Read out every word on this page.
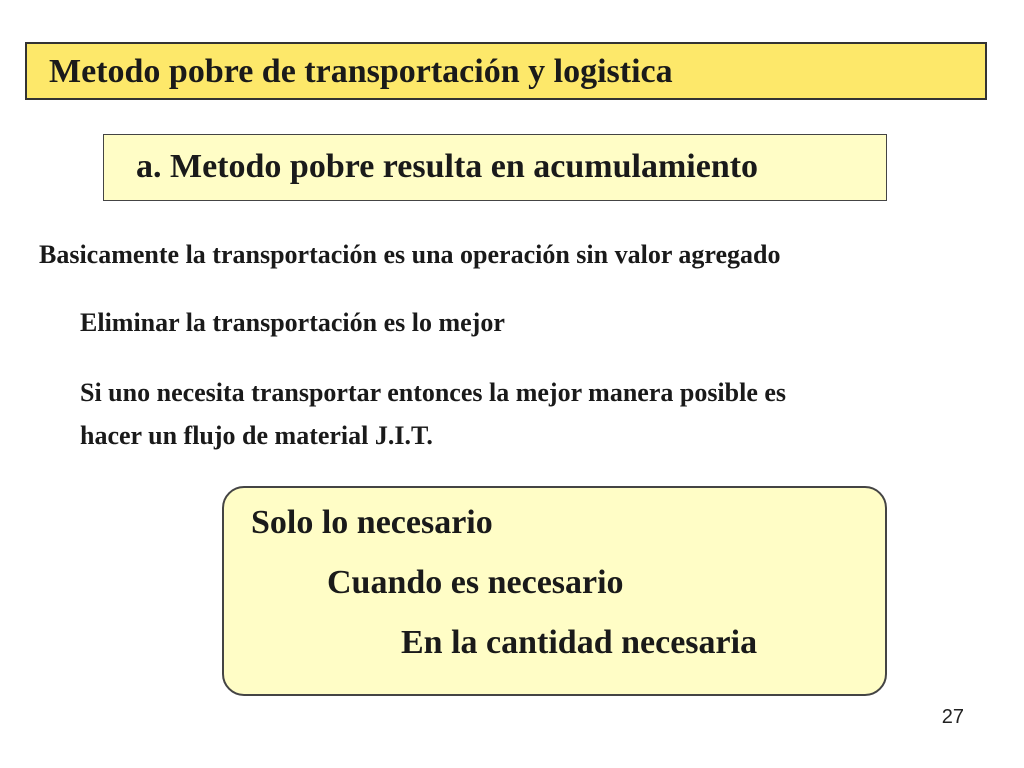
Metodo pobre de transportación y logistica
a. Metodo pobre resulta en acumulamiento
Basicamente la transportación es una operación sin valor agregado
Eliminar la transportación es lo mejor
Si uno necesita transportar entonces la mejor manera posible es
hacer un flujo de material J.I.T.
Solo lo necesario
Cuando es necesario
En la cantidad necesaria
27
